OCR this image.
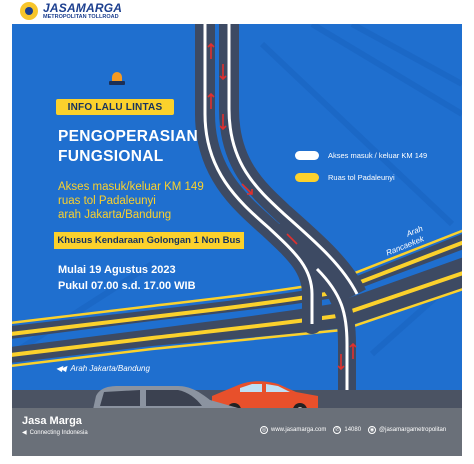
JASAMARGA
METROPOLITAN TOLLROAD
INFO LALU LINTAS
PENGOPERASIAN
FUNGSIONAL
Akses masuk/keluar KM 149
ruas tol Padaleunyi
arah Jakarta/Bandung
Khusus Kendaraan Golongan 1 Non Bus
Mulai 19 Agustus 2023
Pukul 07.00 s.d. 17.00 WIB
Akses masuk / keluar KM 149
Ruas tol Padaleunyi
Arah
Rancaekek
◀◀ Arah Jakarta/Bandung
Jasa Marga
◀ Connecting Indonesia
◎ www.jasamarga.com	✆ 14080	◉ @jasamargametropolitan
